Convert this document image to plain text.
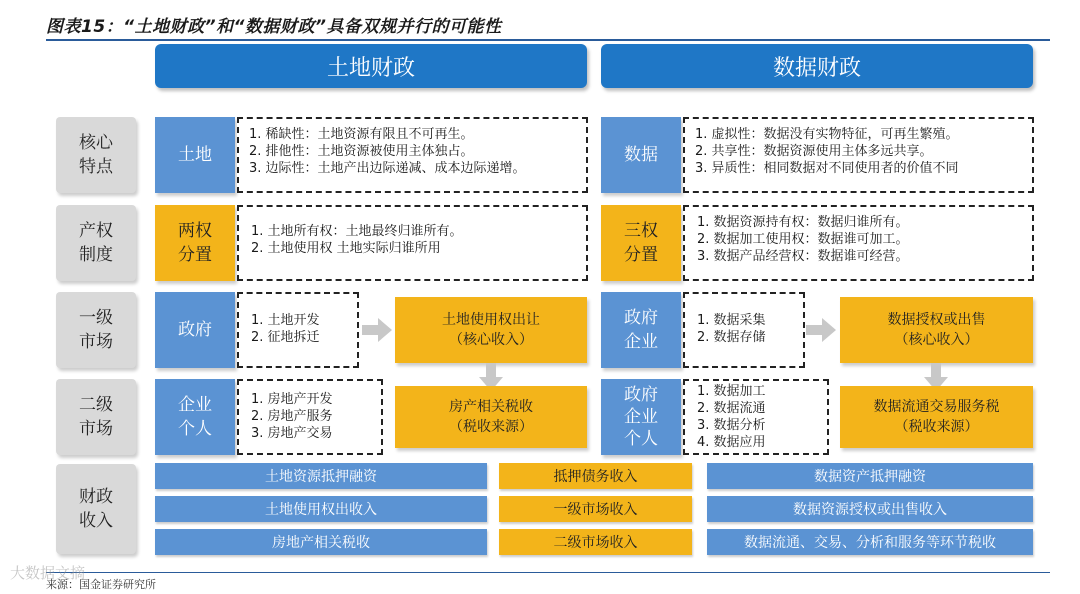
图表15：“土地财政”和“数据财政”具备双规并行的可能性
土地财政	数据财政
核心
特点
产权
制度
一级
市场
二级
市场
财政
收入
土地
1. 稀缺性：土地资源有限且不可再生。
2. 排他性：土地资源被使用主体独占。
3. 边际性：土地产出边际递减、成本边际递增。
两权
分置
1. 土地所有权：土地最终归谁所有。
2. 土地使用权 土地实际归谁所用
政府	1. 土地开发
2. 征地拆迁
土地使用权出让
（核心收入）
企业
个人
1. 房地产开发
2. 房地产服务
3. 房地产交易
房产相关税收
（税收来源）
土地资源抵押融资
土地使用权出收入
房地产相关税收
抵押债务收入
一级市场收入
二级市场收入
数据
1. 虚拟性：数据没有实物特征，可再生繁殖。
2. 共享性：数据资源使用主体多远共享。
3. 异质性：相同数据对不同使用者的价值不同
三权
分置
1. 数据资源持有权：数据归谁所有。
2. 数据加工使用权：数据谁可加工。
3. 数据产品经营权：数据谁可经营。
政府
企业
1. 数据采集
2. 数据存储
数据授权或出售
（核心收入）
政府
企业
个人
1. 数据加工
2. 数据流通
3. 数据分析
4. 数据应用
数据流通交易服务税
（税收来源）
数据资产抵押融资
数据资源授权或出售收入
数据流通、交易、分析和服务等环节税收
来源：国金证券研究所
大数据文摘
